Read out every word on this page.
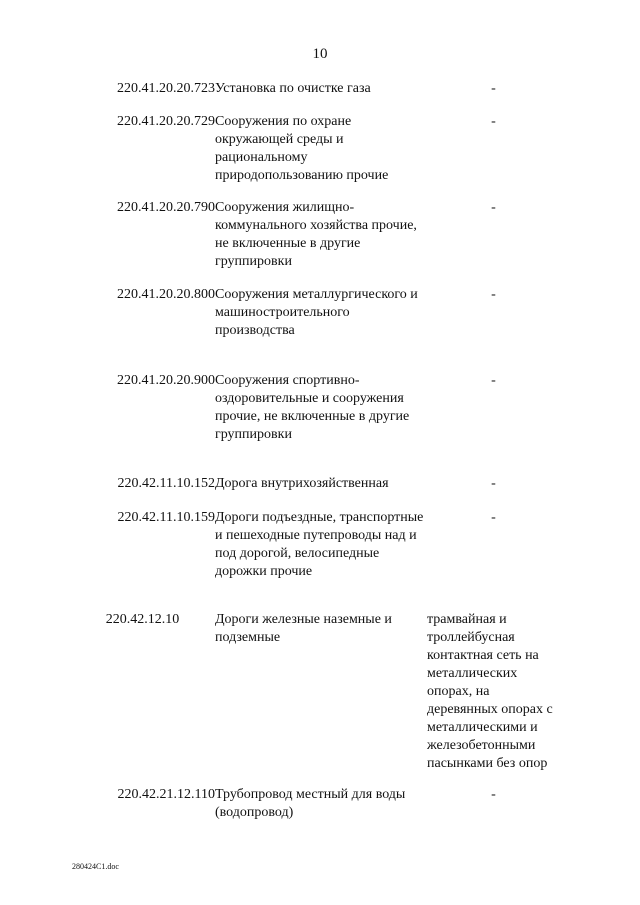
10
220.41.20.20.723	Установка по очистке газа	-
220.41.20.20.729	Сооружения по охране окружающей среды и рациональному природопользованию прочие	-
220.41.20.20.790	Сооружения жилищно-коммунального хозяйства прочие, не включенные в другие группировки	-
220.41.20.20.800	Сооружения металлургического и машиностроительного производства	-
220.41.20.20.900	Сооружения спортивно-оздоровительные и сооружения прочие, не включенные в другие группировки	-
220.42.11.10.152	Дорога внутрихозяйственная	-
220.42.11.10.159	Дороги подъездные, транспортные и пешеходные путепроводы над и под дорогой, велосипедные дорожки прочие	-
220.42.12.10	Дороги железные наземные и подземные	трамвайная и троллейбусная контактная сеть на металлических опорах, на деревянных опорах с металлическими и железобетонными пасынками без опор
220.42.21.12.110	Трубопровод местный для воды (водопровод)	-
280424C1.doc
